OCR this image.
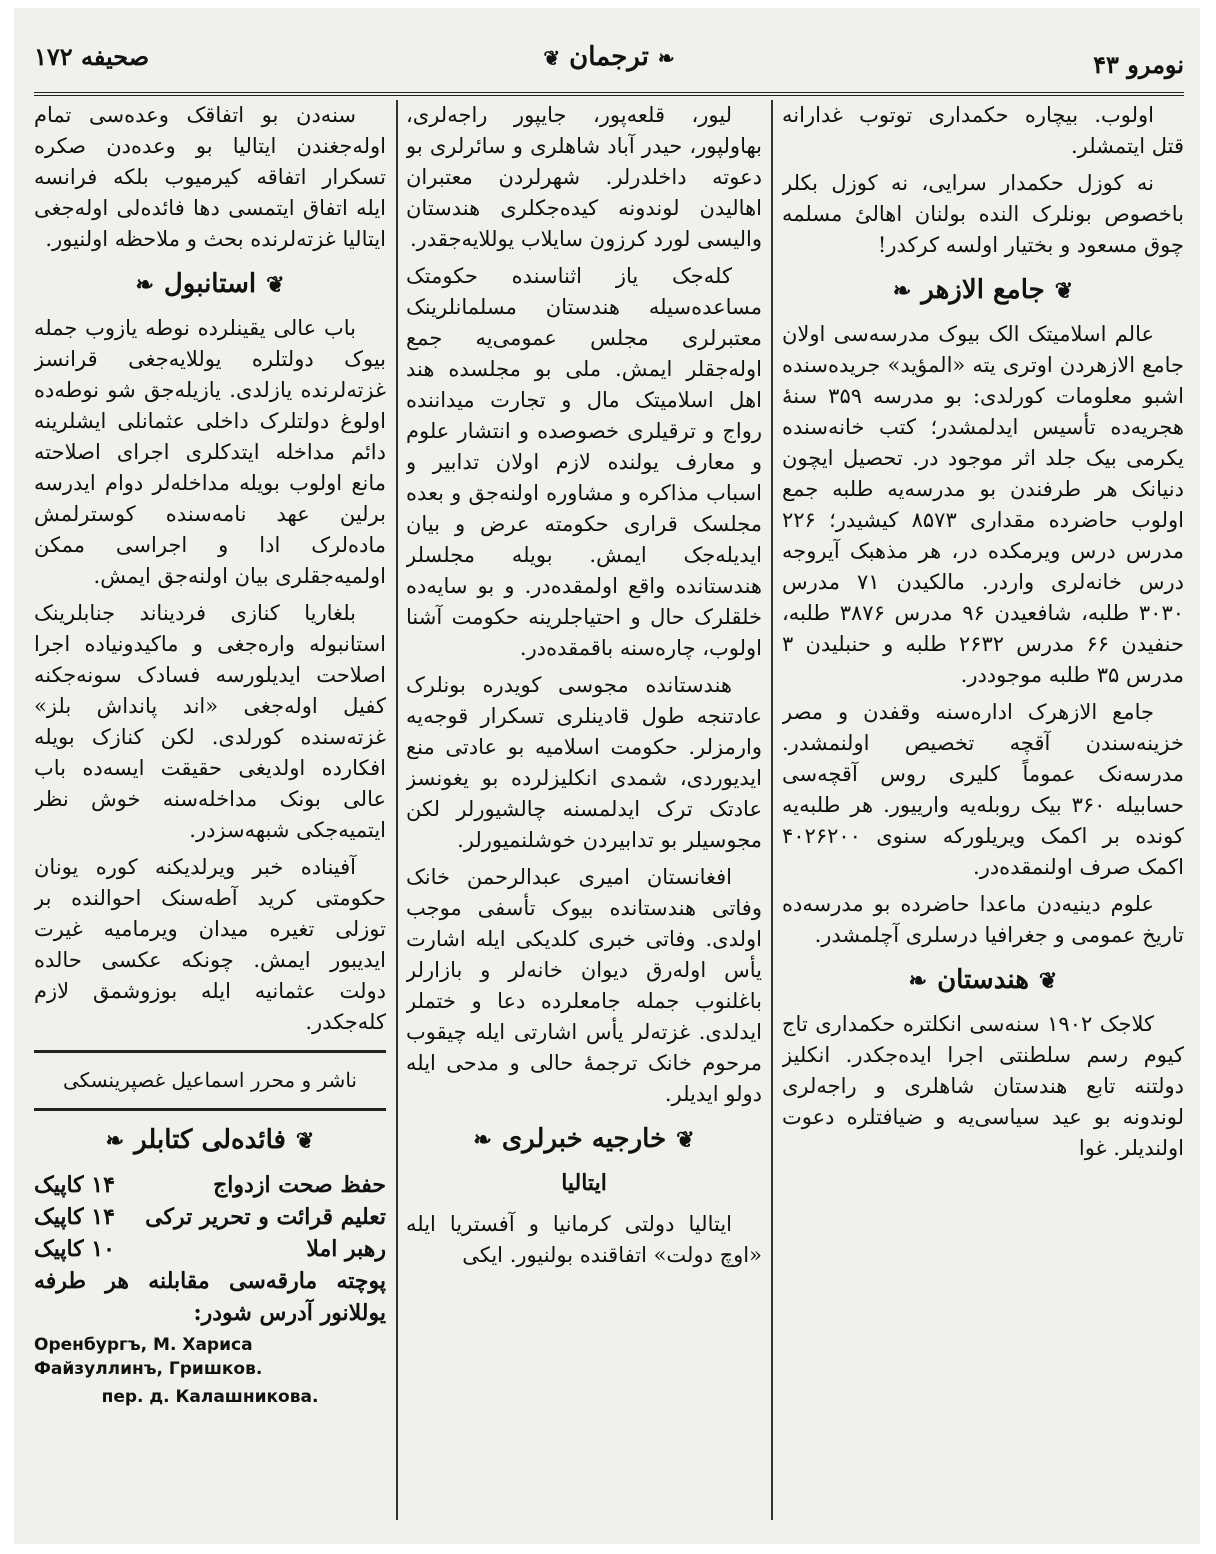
صحیفه ۱۷۲	❦ ترجمان ❧	نومرو ۴۳

اولوب. بیچاره حکمداری توتوب غدارانه قتل ایتمشلر.

نه کوزل حکمدار سرایی، نه کوزل بکلر باخصوص بونلرک النده بولنان اهالیٔ مسلمه چوق مسعود و بختیار اولسه کرکدر!

❦جامع الازهر❧

عالم اسلامیتک الک بیوک مدرسه‌سی اولان جامع الازهردن اوتری یته «المؤید» جریده‌سنده اشبو معلومات کورلدی: بو مدرسه ۳۵۹ سنهٔ هجریه‌ده تأسیس ایدلمشدر؛ کتب خانه‌سنده یکرمی بیک جلد اثر موجود در. تحصیل ایچون دنیانک هر طرفندن بو مدرسه‌یه طلبه جمع اولوب حاضرده مقداری ۸۵۷۳ کیشیدر؛ ۲۲۶ مدرس درس ویرمکده در، هر مذهبک آیروجه درس خانه‌لری واردر. مالکیدن ۷۱ مدرس ۳۰۳۰ طلبه، شافعیدن ۹۶ مدرس ۳۸۷۶ طلبه، حنفیدن ۶۶ مدرس ۲۶۳۲ طلبه و حنبلیدن ۳ مدرس ۳۵ طلبه موجوددر.

جامع الازهرک اداره‌سنه وقفدن و مصر خزینه‌سندن آقچه تخصیص اولنمشدر. مدرسه‌نک عموماً کلیری روس آقچه‌سی حسابیله ۳۶۰ بیک روبله‌یه وارییور. هر طلبه‌یه کونده بر اکمک ویریلورکه سنوی ۴۰۲۶۲۰۰ اکمک صرف اولنمقده‌در.

علوم دینیه‌دن ماعدا حاضرده بو مدرسه‌ده تاریخ عمومی و جغرافیا درسلری آچلمشدر.

❦هندستان❧

کلاجک ۱۹۰۲ سنه‌سی انکلتره حکمداری تاج کیوم رسم سلطنتی اجرا ایده‌جکدر. انکلیز دولتنه تابع هندستان شاهلری و راجه‌لری لوندونه بو عید سیاسی‌یه و ضیافتلره دعوت اولندیلر. غوا

لیور، قلعه‌پور، جایپور راجه‌لری، بهاولپور، حیدر آباد شاهلری و سائرلری بو دعوته داخلدرلر. شهرلردن معتبران اهالیدن لوندونه کیده‌جکلری هندستان والیسی لورد کرزون سایلاب یوللایه‌جقدر.

کله‌جک یاز اثناسنده حکومتک مساعده‌سیله هندستان مسلمانلرینک معتبرلری مجلس عمومی‌یه جمع اوله‌جقلر ایمش. ملی بو مجلسده هند اهل اسلامیتک مال و تجارت میداننده رواج و ترقیلری خصوصده و انتشار علوم و معارف یولنده لازم اولان تدابیر و اسباب مذاکره و مشاوره اولنه‌جق و بعده مجلسک قراری حکومته عرض و بیان ایدیله‌جک ایمش. بویله مجلسلر هندستانده واقع اولمقده‌در. و بو سایه‌ده خلقلرک حال و احتیاجلرینه حکومت آشنا اولوب، چاره‌سنه باقمقده‌در.

هندستانده مجوسی کویدره بونلرک عادتنجه طول قادینلری تسکرار قوجه‌یه وارمزلر. حکومت اسلامیه بو عادتی منع ایدیوردی، شمدی انکلیزلرده بو یغونسز عادتک ترک ایدلمسنه چالشیورلر لکن مجوسیلر بو تدابیردن خوشلنمیورلر.

افغانستان امیری عبدالرحمن خانک وفاتی هندستانده بیوک تأسفی موجب اولدی. وفاتی خبری کلدیکی ایله اشارت یأس اوله‌رق دیوان خانه‌لر و بازارلر باغلنوب جمله جامعلرده دعا و ختملر ایدلدی. غزته‌لر یأس اشارتی ایله چیقوب مرحوم خانک ترجمهٔ حالی و مدحی ایله دولو ایدیلر.

❦خارجیه خبرلری❧
ایتالیا

ایتالیا دولتی کرمانیا و آفستریا ایله «اوچ دولت» اتفاقنده بولنیور. ایکی

سنه‌دن بو اتفاقک وعده‌سی تمام اوله‌جغندن ایتالیا بو وعده‌دن صکره تسکرار اتفاقه کیرمیوب بلکه فرانسه ایله اتفاق ایتمسی دها فائده‌لی اوله‌جغی ایتالیا غزته‌لرنده بحث و ملاحظه اولنیور.

❦استانبول❧

باب عالی یقینلرده نوطه یازوب جمله بیوک دولتلره یوللایه‌جغی قرانسز غزته‌لرنده یازلدی. یازیله‌جق شو نوطه‌ده اولوغ دولتلرک داخلی عثمانلی ایشلرینه دائم مداخله ایتدکلری اجرای اصلاحته مانع اولوب بویله مداخله‌لر دوام ایدرسه برلین عهد نامه‌سنده کوسترلمش ماده‌لرک ادا و اجراسی ممکن اولمیه‌جقلری بیان اولنه‌جق ایمش.

بلغاریا کنازی فردیناند جنابلرینک استانبوله واره‌جغی و ماکیدونیاده اجرا اصلاحت ایدیلورسه فسادک سونه‌جکنه کفیل اوله‌جغی «اند پانداش بلز» غزته‌سنده کورلدی. لکن کنازک بویله افکارده اولدیغی حقیقت ایسه‌ده باب عالی بونک مداخله‌سنه خوش نظر ایتمیه‌جکی شبهه‌سزدر.

آفیناده خبر ویرلدیکنه کوره یونان حکومتی کرید آطه‌سنک احوالنده بر توزلی تغیره میدان ویرمامیه غیرت ایدیبور ایمش. چونکه عکسی حالده دولت عثمانیه ایله بوزوشمق لازم کله‌جکدر.

ناشر و محرر اسماعیل غصپرینسکی
❦فائده‌لی کتابلر❧
حفظ صحت ازدواج
۱۴ کاپیک
تعلیم قرائت و تحریر ترکی
۱۴ کاپیک
رهبر املا
۱۰ کاپیک
پوچته مارقه‌سی مقابلنه هر طرفه یوللانور آدرس شودر:
Оренбургъ, М. Хариса Файзуллинъ, Гришков.
пер. д. Калашникова.
